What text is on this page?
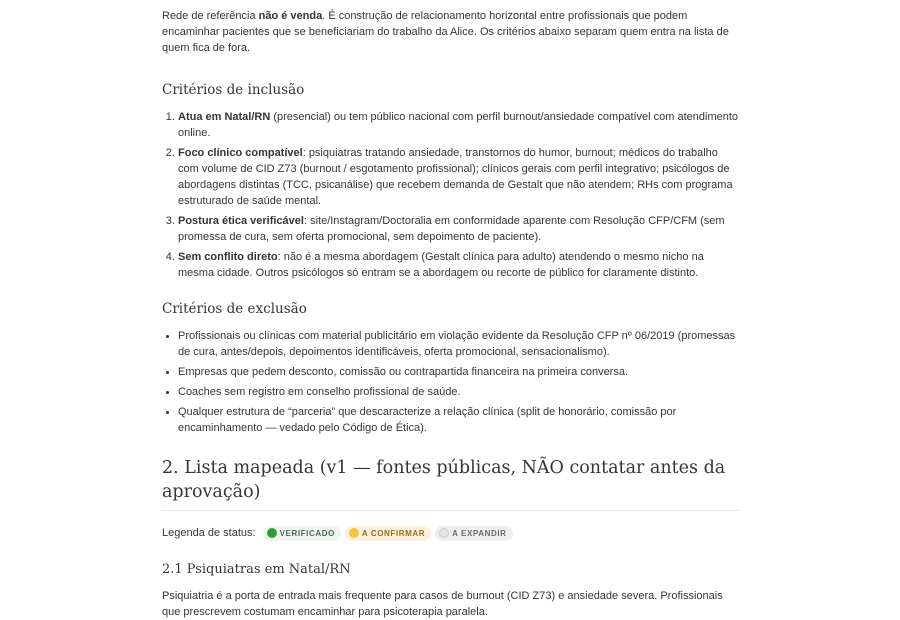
Rede de referência não é venda. É construção de relacionamento horizontal entre profissionais que podem encaminhar pacientes que se beneficiariam do trabalho da Alice. Os critérios abaixo separam quem entra na lista de quem fica de fora.

Critérios de inclusão
1. Atua em Natal/RN (presencial) ou tem público nacional com perfil burnout/ansiedade compatível com atendimento online.
2. Foco clínico compatível: psiquiatras tratando ansiedade, transtornos do humor, burnout; médicos do trabalho com volume de CID Z73 (burnout / esgotamento profissional); clínicos gerais com perfil integrativo; psicólogos de abordagens distintas (TCC, psicanálise) que recebem demanda de Gestalt que não atendem; RHs com programa estruturado de saúde mental.
3. Postura ética verificável: site/Instagram/Doctoralia em conformidade aparente com Resolução CFP/CFM (sem promessa de cura, sem oferta promocional, sem depoimento de paciente).
4. Sem conflito direto: não é a mesma abordagem (Gestalt clínica para adulto) atendendo o mesmo nicho na mesma cidade. Outros psicólogos só entram se a abordagem ou recorte de público for claramente distinto.
Critérios de exclusão
• Profissionais ou clínicas com material publicitário em violação evidente da Resolução CFP nº 06/2019 (promessas de cura, antes/depois, depoimentos identificáveis, oferta promocional, sensacionalismo).
• Empresas que pedem desconto, comissão ou contrapartida financeira na primeira conversa.
• Coaches sem registro em conselho profissional de saúde.
• Qualquer estrutura de “parceria” que descaracterize a relação clínica (split de honorário, comissão por encaminhamento — vedado pelo Código de Ética).
2. Lista mapeada (v1 — fontes públicas, NÃO contatar antes da aprovação)
Legenda de status:	VERIFICADO	A CONFIRMAR	A EXPANDIR
2.1 Psiquiatras em Natal/RN

Psiquiatria é a porta de entrada mais frequente para casos de burnout (CID Z73) e ansiedade severa. Profissionais que prescrevem costumam encaminhar para psicoterapia paralela.
